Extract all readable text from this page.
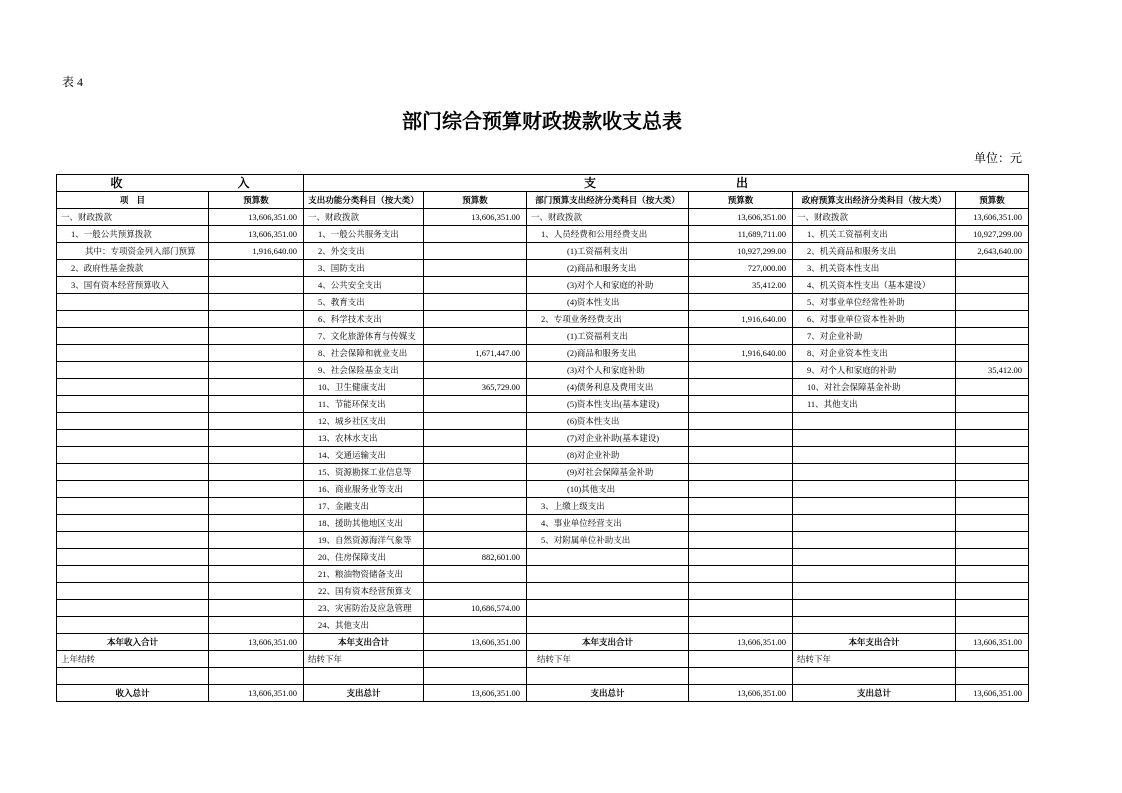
表 4
部门综合预算财政拨款收支总表
单位：元
收 入		支 出					

项 目	预算数	支出功能分类科目（按大类）	预算数	部门预算支出经济分类科目（按大类）	预算数	政府预算支出经济分类科目（按大类）	预算数
一、财政拨款	13,606,351.00	一、财政拨款	13,606,351.00	一、财政拨款	13,606,351.00	一、财政拨款	13,606,351.00
1、一般公共预算拨款	13,606,351.00	1、一般公共服务支出		1、人员经费和公用经费支出	11,689,711.00	1、机关工资福利支出	10,927,299.00
其中：专项资金列入部门预算	1,916,640.00	2、外交支出		(1)工资福利支出	10,927,299.00	2、机关商品和服务支出	2,643,640.00
2、政府性基金拨款		3、国防支出		(2)商品和服务支出	727,000.00	3、机关资本性支出	
3、国有资本经营预算收入		4、公共安全支出		(3)对个人和家庭的补助	35,412.00	4、机关资本性支出（基本建设）	
		5、教育支出		(4)资本性支出		5、对事业单位经常性补助	
		6、科学技术支出		2、专项业务经费支出	1,916,640.00	6、对事业单位资本性补助	
		7、文化旅游体育与传媒支		(1)工资福利支出		7、对企业补助	
		8、社会保障和就业支出	1,671,447.00	(2)商品和服务支出	1,916,640.00	8、对企业资本性支出	
		9、社会保险基金支出		(3)对个人和家庭补助		9、对个人和家庭的补助	35,412.00
		10、卫生健康支出	365,729.00	(4)债务利息及费用支出		10、对社会保障基金补助	
		11、节能环保支出		(5)资本性支出(基本建设)		11、其他支出	
		12、城乡社区支出		(6)资本性支出			
		13、农林水支出		(7)对企业补助(基本建设)			
		14、交通运输支出		(8)对企业补助			
		15、资源勘探工业信息等		(9)对社会保障基金补助			
		16、商业服务业等支出		(10)其他支出			
		17、金融支出		3、上缴上级支出			
		18、援助其他地区支出		4、事业单位经营支出			
		19、自然资源海洋气象等		5、对附属单位补助支出			
		20、住房保障支出	882,601.00				
		21、粮油物资储备支出					
		22、国有资本经营预算支					
		23、灾害防治及应急管理	10,686,574.00				
		24、其他支出					
本年收入合计	13,606,351.00	本年支出合计	13,606,351.00	本年支出合计	13,606,351.00	本年支出合计	13,606,351.00
上年结转		结转下年		结转下年		结转下年	

收入总计	13,606,351.00	支出总计	13,606,351.00	支出总计	13,606,351.00	支出总计	13,606,351.00
